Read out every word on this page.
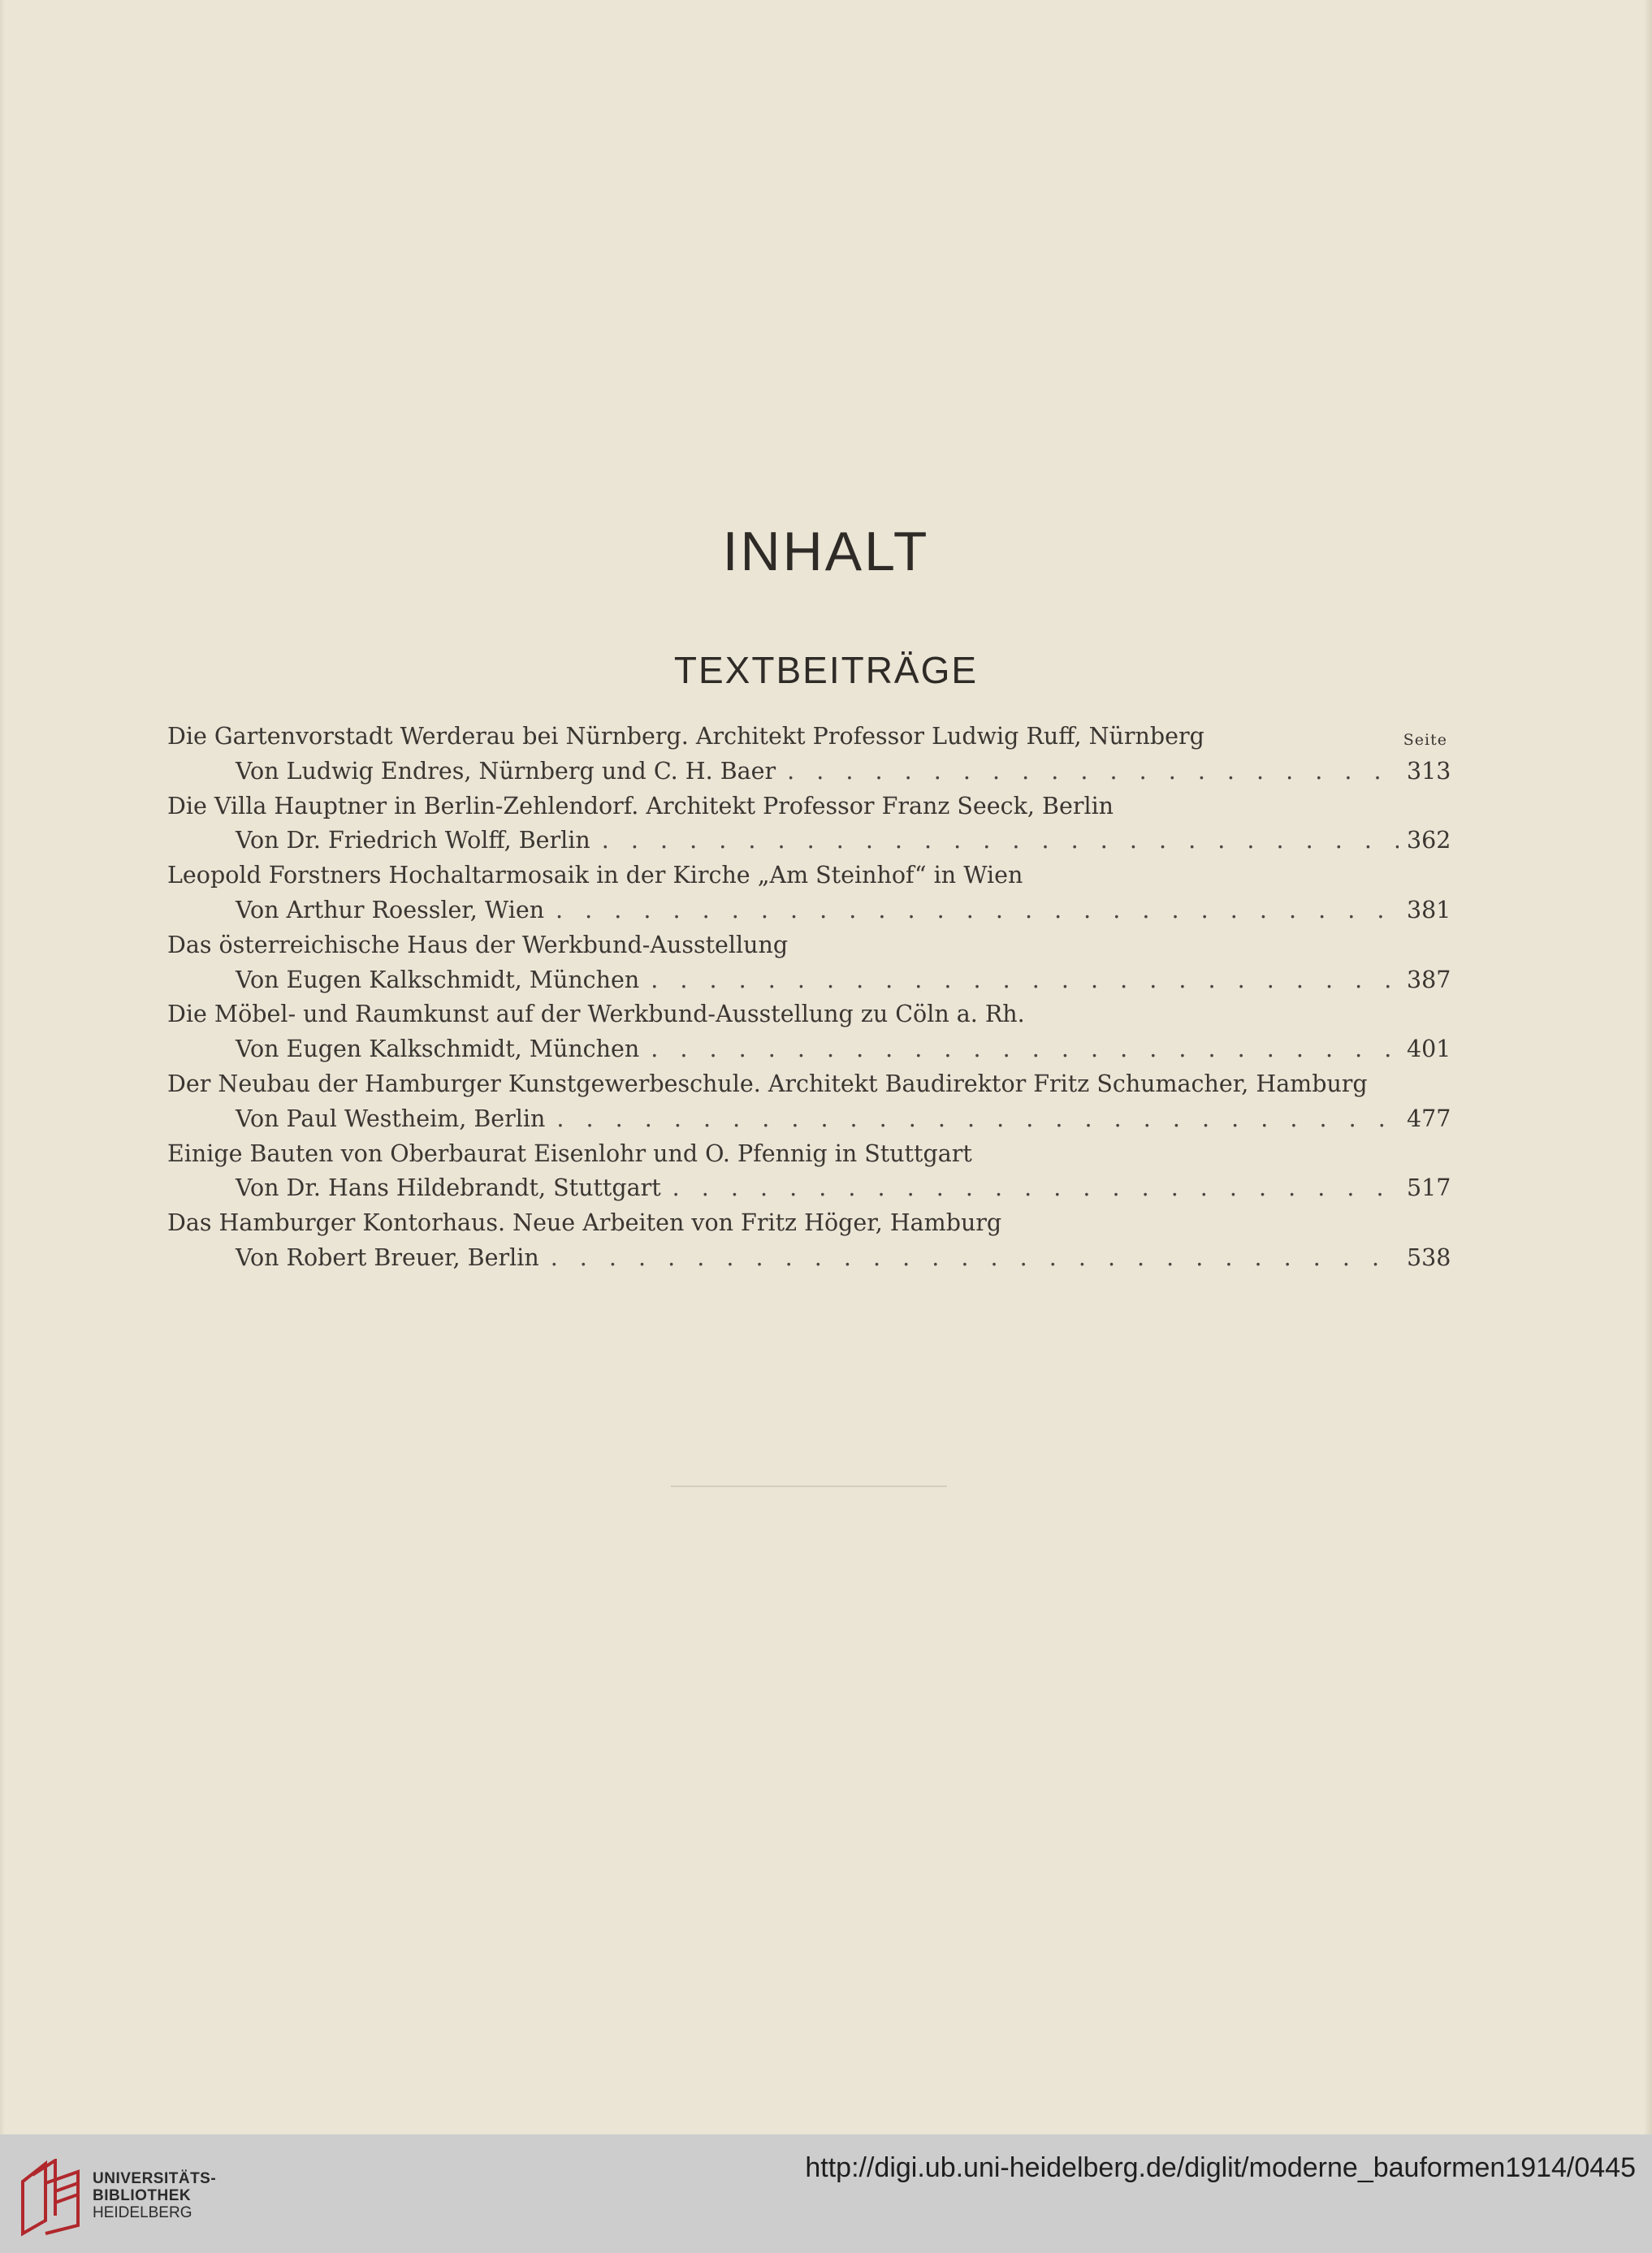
INHALT
TEXTBEITRÄGE
Seite
Die Gartenvorstadt Werderau bei Nürnberg. Architekt Professor Ludwig Ruff, Nürnberg
Von Ludwig Endres, Nürnberg und C. H. Baer . . .	313
Die Villa Hauptner in Berlin-Zehlendorf. Architekt Professor Franz Seeck, Berlin
Von Dr. Friedrich Wolff, Berlin . . .	362
Leopold Forstners Hochaltarmosaik in der Kirche „Am Steinhof“ in Wien
Von Arthur Roessler, Wien . . .	381
Das österreichische Haus der Werkbund-Ausstellung
Von Eugen Kalkschmidt, München . . .	387
Die Möbel- und Raumkunst auf der Werkbund-Ausstellung zu Cöln a. Rh.
Von Eugen Kalkschmidt, München . . .	401
Der Neubau der Hamburger Kunstgewerbeschule. Architekt Baudirektor Fritz Schumacher, Hamburg
Von Paul Westheim, Berlin . . .	477
Einige Bauten von Oberbaurat Eisenlohr und O. Pfennig in Stuttgart
Von Dr. Hans Hildebrandt, Stuttgart . . .	517
Das Hamburger Kontorhaus. Neue Arbeiten von Fritz Höger, Hamburg
Von Robert Breuer, Berlin . . .	538
UNIVERSITÄTS-
BIBLIOTHEK
HEIDELBERG
http://digi.ub.uni-heidelberg.de/diglit/moderne_bauformen1914/0445
